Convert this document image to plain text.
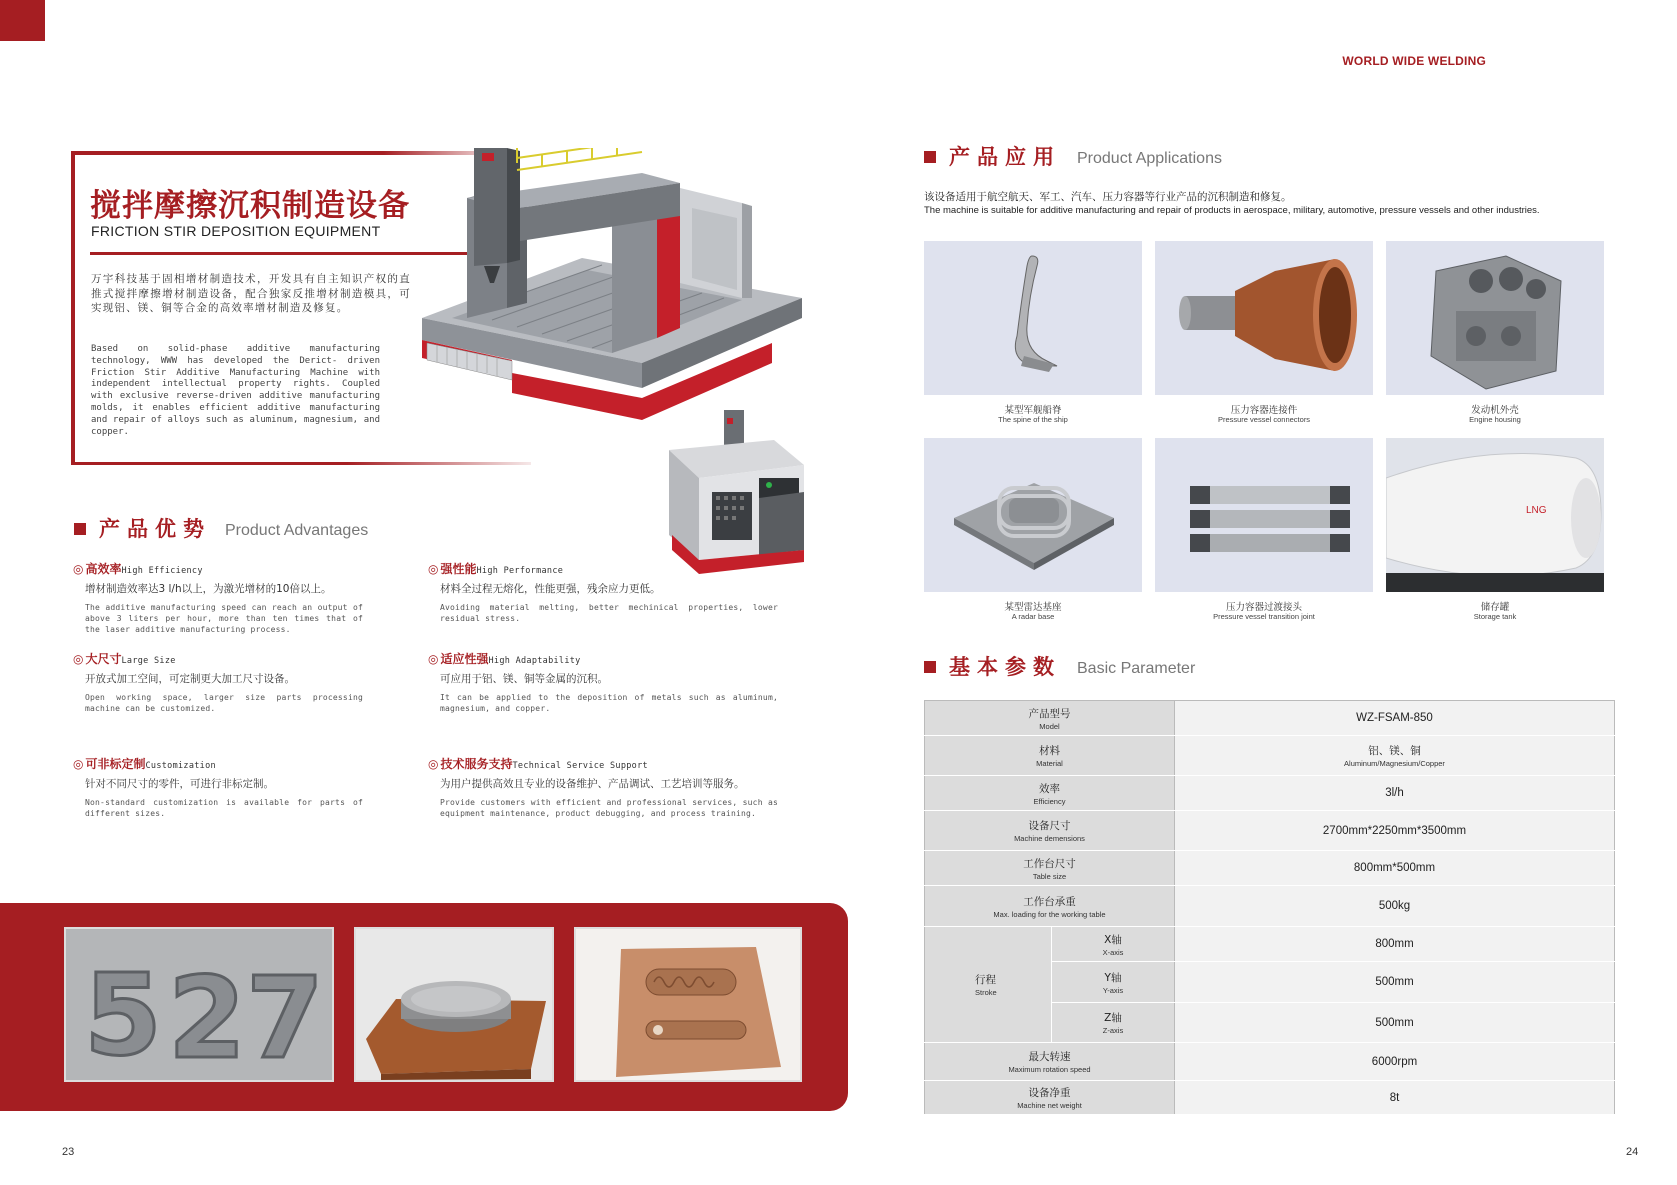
WORLD WIDE WELDING
搅拌摩擦沉积制造设备
FRICTION STIR DEPOSITION EQUIPMENT
万宇科技基于固相增材制造技术，开发具有自主知识产权的直推式搅拌摩擦增材制造设备，配合独家反推增材制造模具，可实现铝、镁、铜等合金的高效率增材制造及修复。
Based on solid-phase additive manufacturing technology, WWW has developed the Derict- driven Friction Stir Additive Manufacturing Machine with independent intellectual property rights. Coupled with exclusive reverse-driven additive manufacturing molds, it enables efficient additive manufacturing and repair of alloys such as aluminum, magnesium, and copper.
产品优势 Product Advantages
◎ 高效率High Efficiency
增材制造效率达3 l/h以上，为激光增材的10倍以上。
The additive manufacturing speed can reach an output of above 3 liters per hour, more than ten times that of the laser additive manufacturing process.
◎ 强性能High Performance
材料全过程无熔化，性能更强，残余应力更低。
Avoiding material melting, better mechinical properties, lower residual stress.
◎ 大尺寸Large Size
开放式加工空间，可定制更大加工尺寸设备。
Open working space, larger size parts processing machine can be customized.
◎ 适应性强High Adaptability
可应用于铝、镁、铜等金属的沉积。
It can be applied to the deposition of metals such as aluminum, magnesium, and copper.
◎ 可非标定制Customization
针对不同尺寸的零件，可进行非标定制。
Non-standard customization is available for parts of different sizes.
◎ 技术服务支持Technical Service Support
为用户提供高效且专业的设备维护、产品调试、工艺培训等服务。
Provide customers with efficient and professional services, such as equipment maintenance, product debugging, and process training.
5 2 7
23
产品应用 Product Applications
该设备适用于航空航天、军工、汽车、压力容器等行业产品的沉积制造和修复。
The machine is suitable for additive manufacturing and repair of products in aerospace, military, automotive, pressure vessels and other industries.
某型军舰船脊
The spine of the ship
压力容器连接件
Pressure vessel connectors
发动机外壳
Engine housing
LNG
某型雷达基座
A radar base
压力容器过渡接头
Pressure vessel transition joint
储存罐
Storage tank
基本参数 Basic Parameter
产品型号
Model		WZ-FSAM-850

材料
Material		铝、镁、铜
Aluminum/Magnesium/Copper

效率
Efficiency		3l/h

设备尺寸
Machine demensions		2700mm*2250mm*3500mm

工作台尺寸
Table size		800mm*500mm

工作台承重
Max. loading for the working table		500kg

行程
Stroke	X轴
X-axis	800mm

	Y轴
Y-axis	500mm

	Z轴
Z-axis	500mm

最大转速
Maximum rotation speed		6000rpm

设备净重
Machine net weight		8t
24
